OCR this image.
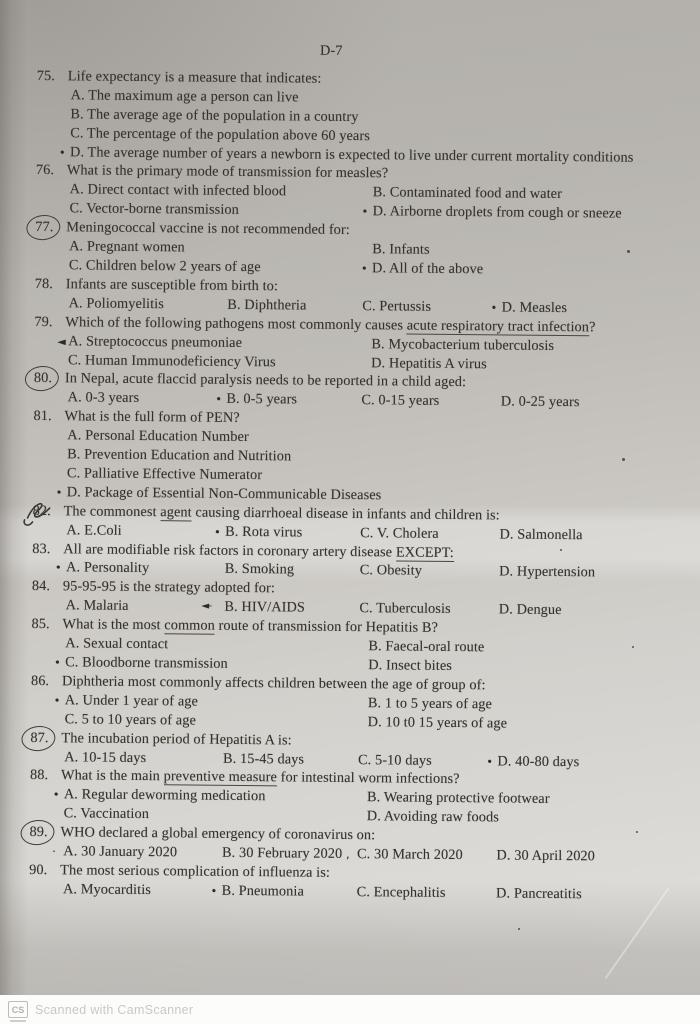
D-7
75. Life expectancy is a measure that indicates:
A. The maximum age a person can live
B. The average age of the population in a country
C. The percentage of the population above 60 years
• D. The average number of years a newborn is expected to live under current mortality conditions
76. What is the primary mode of transmission for measles?
A. Direct contact with infected blood	B. Contaminated food and water
C. Vector-borne transmission	• D. Airborne droplets from cough or sneeze
77. Meningococcal vaccine is not recommended for:
A. Pregnant women	B. Infants
C. Children below 2 years of age	• D. All of the above
78. Infants are susceptible from birth to:
A. Poliomyelitis	B. Diphtheria	C. Pertussis	• D. Measles
79. Which of the following pathogens most commonly causes acute respiratory tract infection?
◄ A. Streptococcus pneumoniae	B. Mycobacterium tuberculosis
C. Human Immunodeficiency Virus	D. Hepatitis A virus
80. In Nepal, acute flaccid paralysis needs to be reported in a child aged:
A. 0-3 years	• B. 0-5 years	C. 0-15 years	D. 0-25 years
81. What is the full form of PEN?
A. Personal Education Number
B. Prevention Education and Nutrition
C. Palliative Effective Numerator
• D. Package of Essential Non-Communicable Diseases
82. The commonest agent causing diarrhoeal disease in infants and children is:
A. E.Coli	• B. Rota virus	C. V. Cholera	D. Salmonella
83. All are modifiable risk factors in coronary artery disease EXCEPT:
• A. Personality	B. Smoking	C. Obesity	D. Hypertension
84. 95-95-95 is the strategy adopted for:
A. Malaria	◄– B. HIV/AIDS	C. Tuberculosis	D. Dengue
85. What is the most common route of transmission for Hepatitis B?
A. Sexual contact	B. Faecal-oral route
• C. Bloodborne transmission	D. Insect bites
86. Diphtheria most commonly affects children between the age of group of:
• A. Under 1 year of age	B. 1 to 5 years of age
C. 5 to 10 years of age	D. 10 t0 15 years of age
87. The incubation period of Hepatitis A is:
A. 10-15 days	B. 15-45 days	C. 5-10 days	• D. 40-80 days
88. What is the main preventive measure for intestinal worm infections?
• A. Regular deworming medication	B. Wearing protective footwear
C. Vaccination	D. Avoiding raw foods
89. WHO declared a global emergency of coronavirus on:
· A. 30 January 2020	B. 30 February 2020 ‚ C. 30 March 2020	D. 30 April 2020
90. The most serious complication of influenza is:
A. Myocarditis	• B. Pneumonia	C. Encephalitis	D. Pancreatitis
CS Scanned with CamScanner
